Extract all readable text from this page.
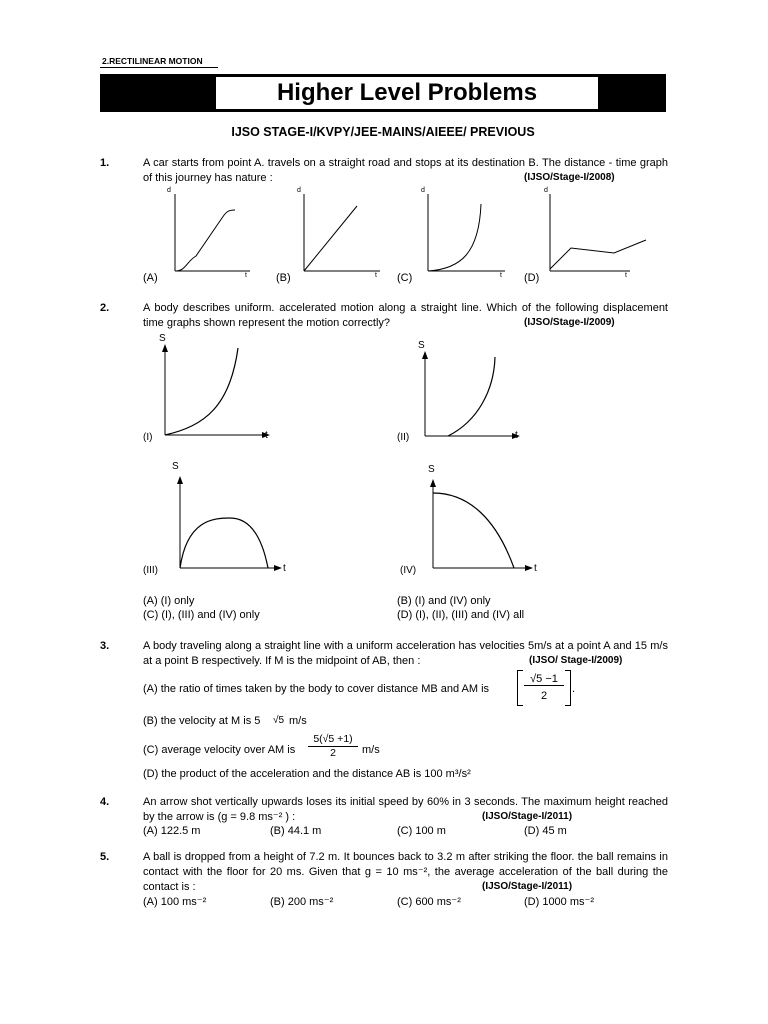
2.RECTILINEAR MOTION
Higher Level Problems
IJSO STAGE-I/KVPY/JEE-MAINS/AIEEE/ PREVIOUS
1.	A car starts from point A. travels on a straight road and stops at its destination B. The distance - time graph of this journey has nature :	(IJSO/Stage-I/2008)
d
t
d
t
d
t
d
t
(A)	(B)	(C)	(D)
2.	A body describes uniform. accelerated motion along a straight line. Which of the following displacement time graphs shown represent the motion correctly?	(IJSO/Stage-I/2009)
S
t
(I)
S
t
(II)
S
t
(III)
S
t
(IV)
(A) (I) only	(B) (I) and (IV) only
(C) (I), (III) and (IV) only	(D) (I), (II), (III) and (IV) all
3.	A body traveling along a straight line with a uniform acceleration has velocities 5m/s at a point A and 15 m/s at a point B respectively. If M is the midpoint of AB, then :	(IJSO/ Stage-I/2009)
(A) the ratio of times taken by the body to cover distance MB and AM is
√5 −1
2
.
(B) the velocity at M is 5 √5 m/s
(C) average velocity over AM is $\frac{5(√5 +1)}{2} m/s$
(D) the product of the acceleration and the distance AB is 100 m³/s²
4.	An arrow shot vertically upwards loses its initial speed by 60% in 3 seconds. The maximum height reached by the arrow is (g = 9.8 ms⁻² ) :	(IJSO/Stage-I/2011)
(A) 122.5 m	(B) 44.1 m	(C) 100 m	(D) 45 m
5.	A ball is dropped from a height of 7.2 m. It bounces back to 3.2 m after striking the floor. the ball remains in contact with the floor for 20 ms. Given that g = 10 ms⁻², the average acceleration of the ball during the contact is :	(IJSO/Stage-I/2011)
(A) 100 ms⁻²	(B) 200 ms⁻²	(C) 600 ms⁻²	(D) 1000 ms⁻²
